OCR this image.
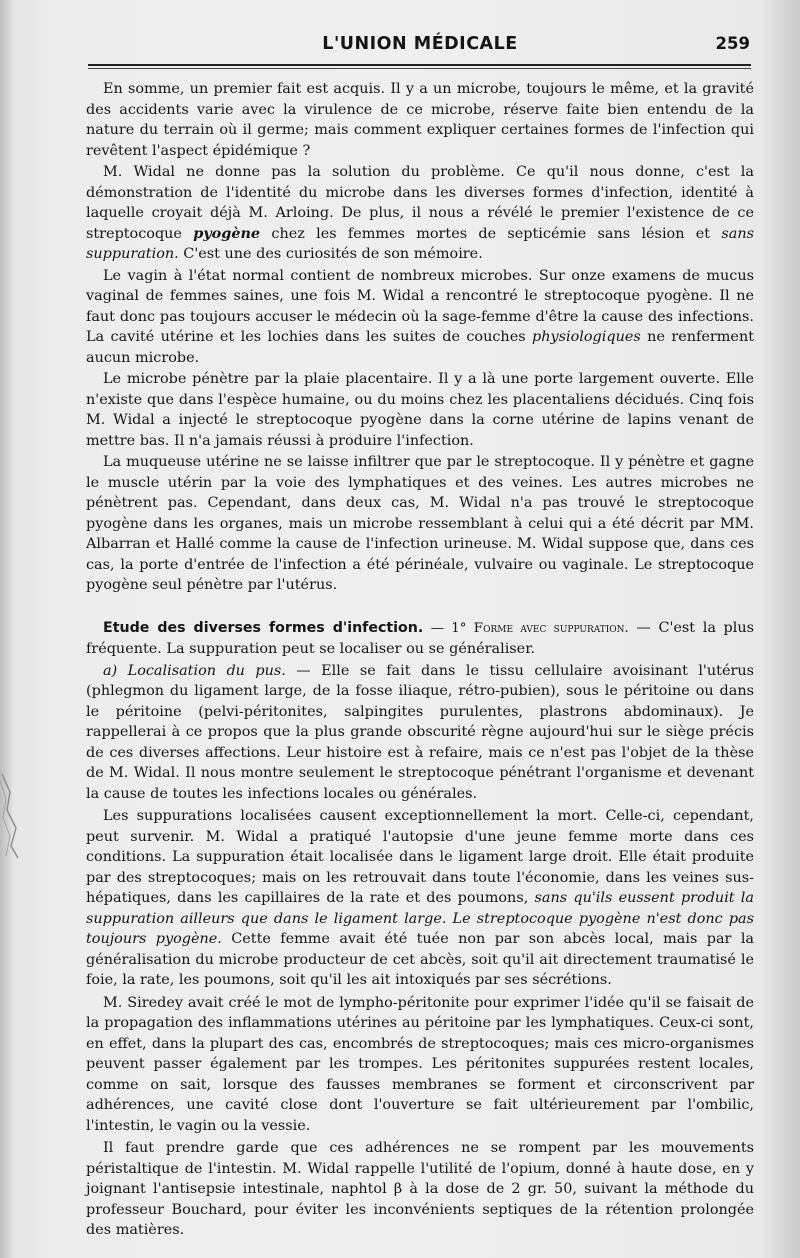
L'UNION MÉDICALE	259

En somme, un premier fait est acquis. Il y a un microbe, toujours le même, et la gravité des accidents varie avec la virulence de ce microbe, réserve faite bien entendu de la nature du terrain où il germe; mais comment expliquer certaines formes de l'infection qui revêtent l'aspect épidémique ?

M. Widal ne donne pas la solution du problème. Ce qu'il nous donne, c'est la démonstration de l'identité du microbe dans les diverses formes d'infection, identité à laquelle croyait déjà M. Arloing. De plus, il nous a révélé le premier l'existence de ce streptocoque pyogène chez les femmes mortes de septicémie sans lésion et sans suppuration. C'est une des curiosités de son mémoire.

Le vagin à l'état normal contient de nombreux microbes. Sur onze examens de mucus vaginal de femmes saines, une fois M. Widal a rencontré le streptocoque pyogène. Il ne faut donc pas toujours accuser le médecin où la sage-femme d'être la cause des infections. La cavité utérine et les lochies dans les suites de couches physiologiques ne renferment aucun microbe.

Le microbe pénètre par la plaie placentaire. Il y a là une porte largement ouverte. Elle n'existe que dans l'espèce humaine, ou du moins chez les placentaliens décidués. Cinq fois M. Widal a injecté le streptocoque pyogène dans la corne utérine de lapins venant de mettre bas. Il n'a jamais réussi à produire l'infection.

La muqueuse utérine ne se laisse infiltrer que par le streptocoque. Il y pénètre et gagne le muscle utérin par la voie des lymphatiques et des veines. Les autres microbes ne pénètrent pas. Cependant, dans deux cas, M. Widal n'a pas trouvé le streptocoque pyogène dans les organes, mais un microbe ressemblant à celui qui a été décrit par MM. Albarran et Hallé comme la cause de l'infection urineuse. M. Widal suppose que, dans ces cas, la porte d'entrée de l'infection a été périnéale, vulvaire ou vaginale. Le streptocoque pyogène seul pénètre par l'utérus.

Etude des diverses formes d'infection. — 1° Forme avec suppuration. — C'est la plus fréquente. La suppuration peut se localiser ou se généraliser.

a) Localisation du pus. — Elle se fait dans le tissu cellulaire avoisinant l'utérus (phlegmon du ligament large, de la fosse iliaque, rétro-pubien), sous le péritoine ou dans le péritoine (pelvi-péritonites, salpingites purulentes, plastrons abdominaux). Je rappellerai à ce propos que la plus grande obscurité règne aujourd'hui sur le siège précis de ces diverses affections. Leur histoire est à refaire, mais ce n'est pas l'objet de la thèse de M. Widal. Il nous montre seulement le streptocoque pénétrant l'organisme et devenant la cause de toutes les infections locales ou générales.

Les suppurations localisées causent exceptionnellement la mort. Celle-ci, cependant, peut survenir. M. Widal a pratiqué l'autopsie d'une jeune femme morte dans ces conditions. La suppuration était localisée dans le ligament large droit. Elle était produite par des streptocoques; mais on les retrouvait dans toute l'économie, dans les veines sus-hépatiques, dans les capillaires de la rate et des poumons, sans qu'ils eussent produit la suppuration ailleurs que dans le ligament large. Le streptocoque pyogène n'est donc pas toujours pyogène. Cette femme avait été tuée non par son abcès local, mais par la généralisation du microbe producteur de cet abcès, soit qu'il ait directement traumatisé le foie, la rate, les poumons, soit qu'il les ait intoxiqués par ses sécrétions.

M. Siredey avait créé le mot de lympho-péritonite pour exprimer l'idée qu'il se faisait de la propagation des inflammations utérines au péritoine par les lymphatiques. Ceux-ci sont, en effet, dans la plupart des cas, encombrés de streptocoques; mais ces micro-organismes peuvent passer également par les trompes. Les péritonites suppurées restent locales, comme on sait, lorsque des fausses membranes se forment et circonscrivent par adhérences, une cavité close dont l'ouverture se fait ultérieurement par l'ombilic, l'intestin, le vagin ou la vessie.

Il faut prendre garde que ces adhérences ne se rompent par les mouvements péristaltique de l'intestin. M. Widal rappelle l'utilité de l'opium, donné à haute dose, en y joignant l'antisepsie intestinale, naphtol β à la dose de 2 gr. 50, suivant la méthode du professeur Bouchard, pour éviter les inconvénients septiques de la rétention prolongée des matières.
